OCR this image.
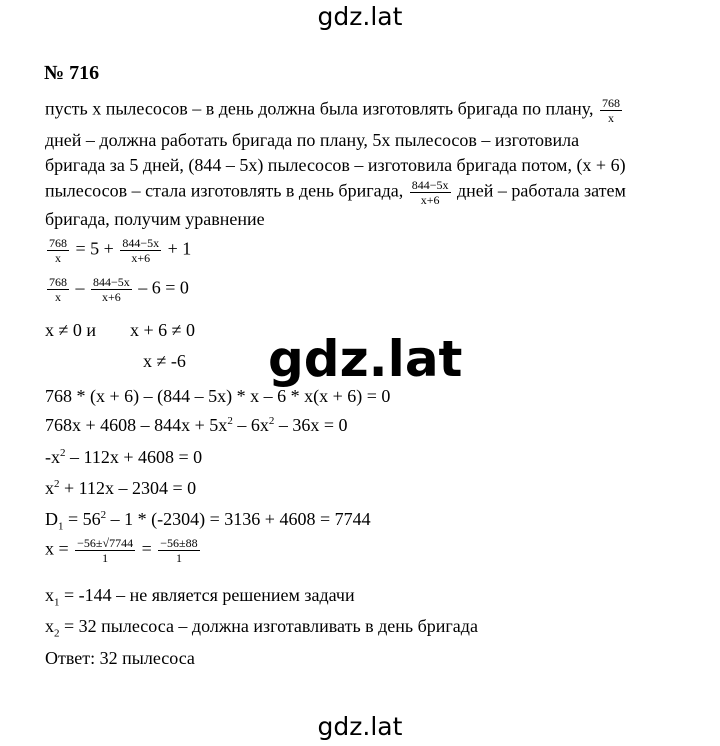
gdz.lat
№ 716
пусть x пылесосов – в день должна была изготовлять бригада по плану, $\frac{768}{x}$
дней – должна работать бригада по плану, 5x пылесосов – изготовила
бригада за 5 дней, (844 – 5x) пылесосов – изготовила бригада потом, (x + 6)
пылесосов – стала изготовлять в день бригада, $\frac{844-5x}{x+6}$ дней – работала затем
бригада, получим уравнение
$\frac{768}{x} = 5 + \frac{844-5x}{x+6} + 1$
$\frac{768}{x} - \frac{844-5x}{x+6} - 6 = 0$
x ≠ 0 и x + 6 ≠ 0
x ≠ -6
768 * (x + 6) – (844 – 5x) * x – 6 * x(x + 6) = 0
$768x + 4608 - 844x + 5x^2 - 6x^2 - 36x = 0$
$-x^2 - 112x + 4608 = 0$
$x^2 + 112x - 2304 = 0$
$D_1 = 56^2 - 1 * (-2304) = 3136 + 4608 = 7744$
$x = \frac{-56\pm√7744}{1} = \frac{-56\pm 88}{1}$
$x_1 = -144$ – не является решением задачи
$x_2 = 32$ пылесоса – должна изготавливать в день бригада
Ответ: 32 пылесоса
gdz.lat
gdz.lat
